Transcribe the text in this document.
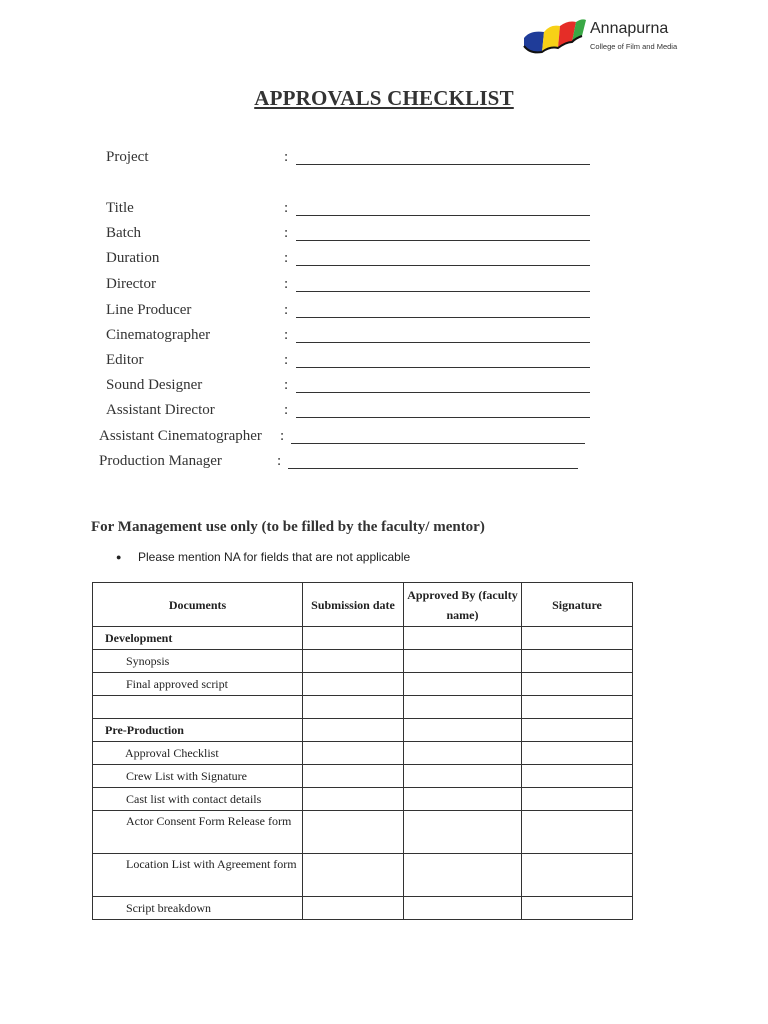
Annapurna
College of Film and Media
APPROVALS CHECKLIST
Project	:
Title	:
Batch	:
Duration	:
Director	:
Line Producer	:
Cinematographer	:
Editor	:
Sound Designer	:
Assistant Director	:
Assistant Cinematographer :
Production Manager	:
For Management use only (to be filled by the faculty/ mentor)
● Please mention NA for fields that are not applicable
Documents	Submission date	Approved By (faculty name)	Signature
Development			
Synopsis			
Final approved script			

Pre-Production			
Approval Checklist			
Crew List with Signature			
Cast list with contact details			
Actor Consent Form Release form			
Location List with Agreement form			
Script breakdown			
